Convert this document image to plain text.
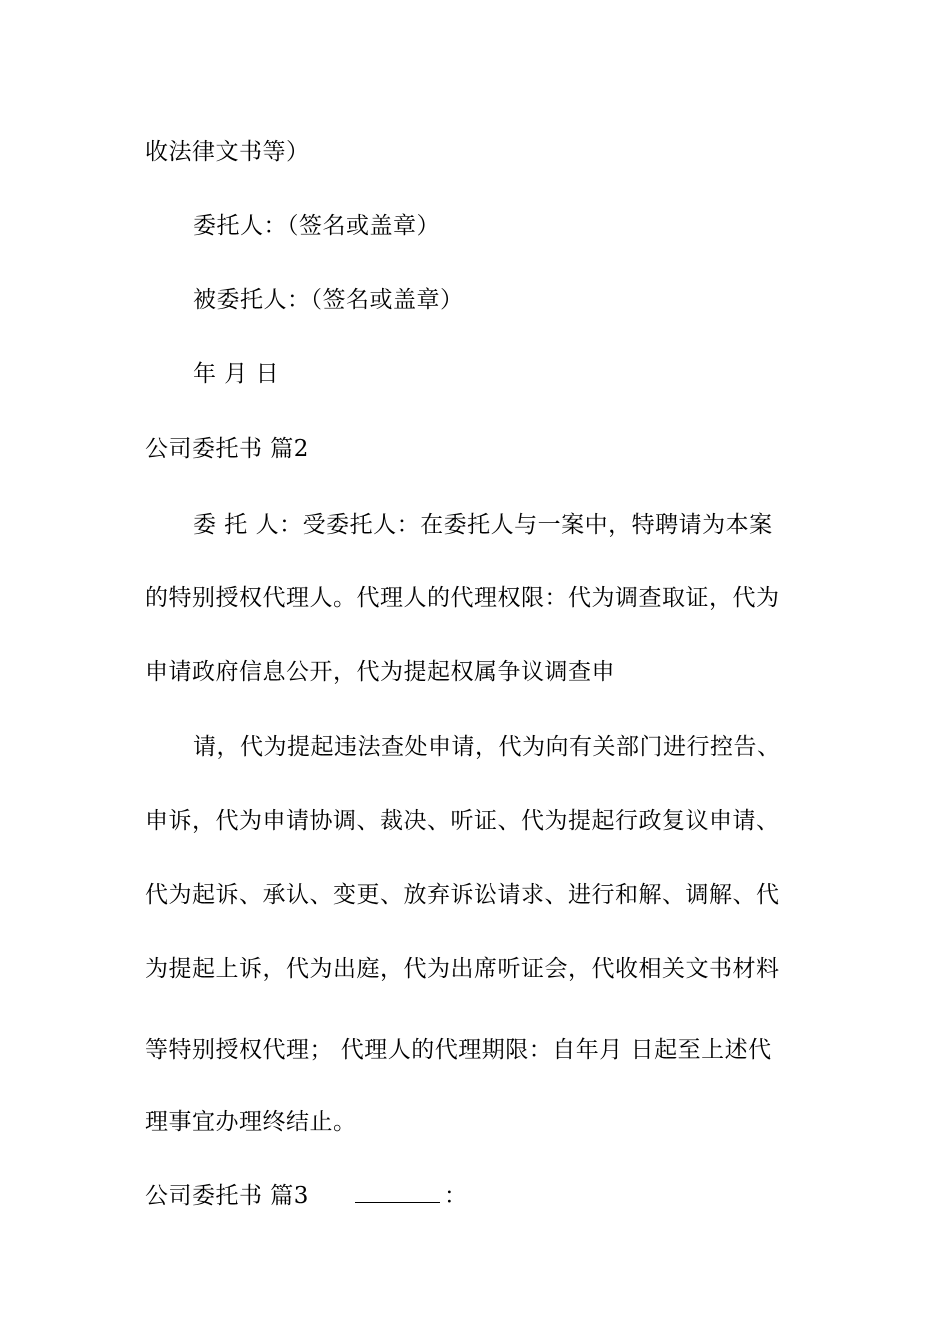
收法律文书等）
委托人：（签名或盖章）
被委托人：（签名或盖章）
年 月 日
公司委托书 篇2
委 托 人：受委托人：在委托人与一案中，特聘请为本案
的特别授权代理人。代理人的代理权限：代为调查取证，代为
申请政府信息公开，代为提起权属争议调查申
请，代为提起违法查处申请，代为向有关部门进行控告、
申诉，代为申请协调、裁决、听证、代为提起行政复议申请、
代为起诉、承认、变更、放弃诉讼请求、进行和解、调解、代
为提起上诉，代为出庭，代为出席听证会，代收相关文书材料
等特别授权代理； 代理人的代理期限：自年月 日起至上述代
理事宜办理终结止。
公司委托书 篇3	：
